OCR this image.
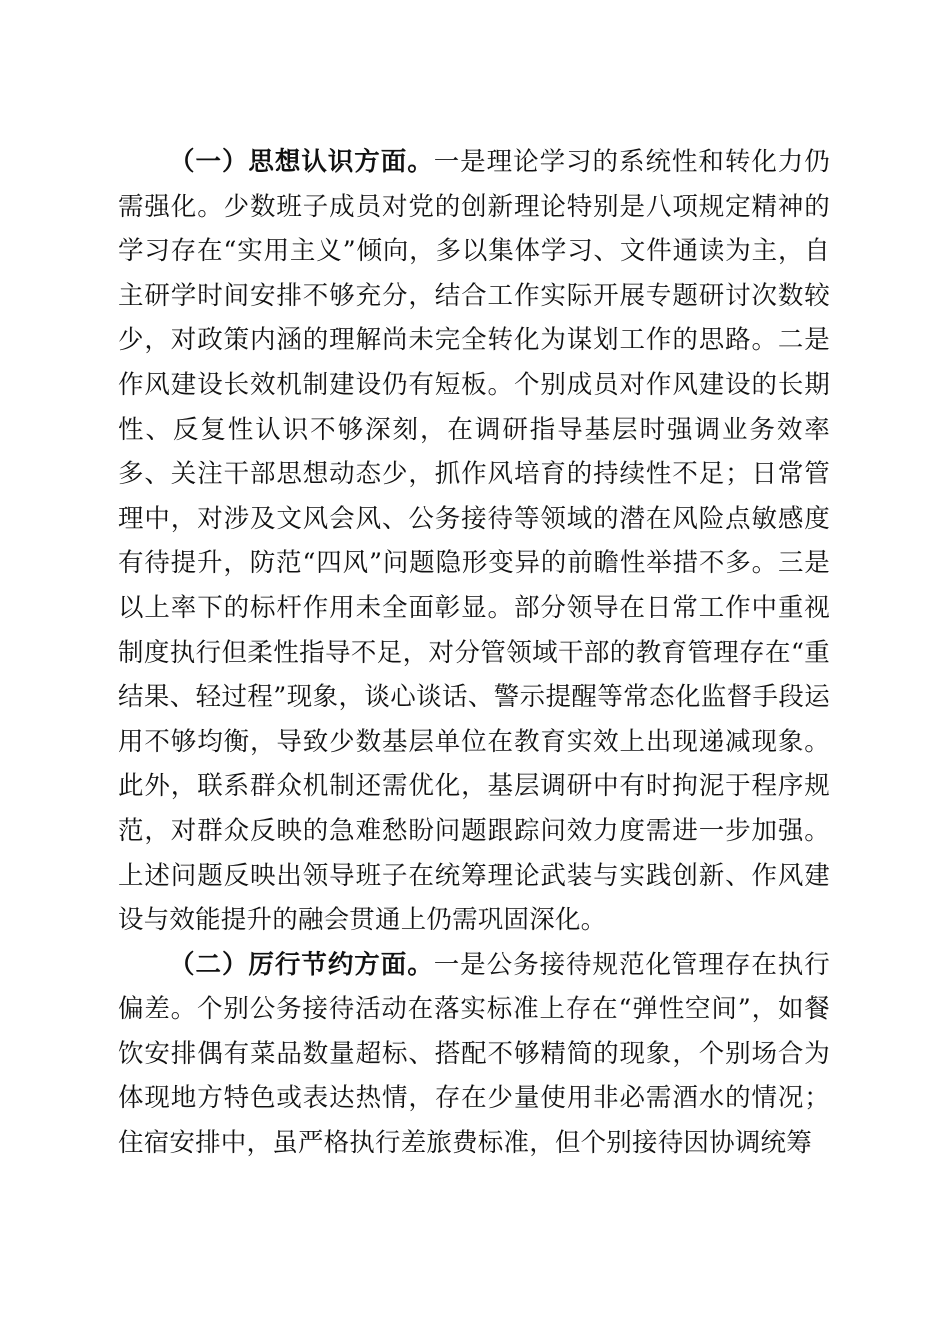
（一）思想认识方面。一是理论学习的系统性和转化力仍需强化。少数班子成员对党的创新理论特别是八项规定精神的学习存在“实用主义”倾向，多以集体学习、文件通读为主，自主研学时间安排不够充分，结合工作实际开展专题研讨次数较少，对政策内涵的理解尚未完全转化为谋划工作的思路。二是作风建设长效机制建设仍有短板。个别成员对作风建设的长期性、反复性认识不够深刻，在调研指导基层时强调业务效率多、关注干部思想动态少，抓作风培育的持续性不足；日常管理中，对涉及文风会风、公务接待等领域的潜在风险点敏感度有待提升，防范“四风”问题隐形变异的前瞻性举措不多。三是以上率下的标杆作用未全面彰显。部分领导在日常工作中重视制度执行但柔性指导不足，对分管领域干部的教育管理存在“重结果、轻过程”现象，谈心谈话、警示提醒等常态化监督手段运用不够均衡，导致少数基层单位在教育实效上出现递减现象。此外，联系群众机制还需优化，基层调研中有时拘泥于程序规范，对群众反映的急难愁盼问题跟踪问效力度需进一步加强。上述问题反映出领导班子在统筹理论武装与实践创新、作风建设与效能提升的融会贯通上仍需巩固深化。

（二）厉行节约方面。一是公务接待规范化管理存在执行偏差。个别公务接待活动在落实标准上存在“弹性空间”，如餐饮安排偶有菜品数量超标、搭配不够精简的现象，个别场合为体现地方特色或表达热情，存在少量使用非必需酒水的情况；住宿安排中，虽严格执行差旅费标准，但个别接待因协调统筹
